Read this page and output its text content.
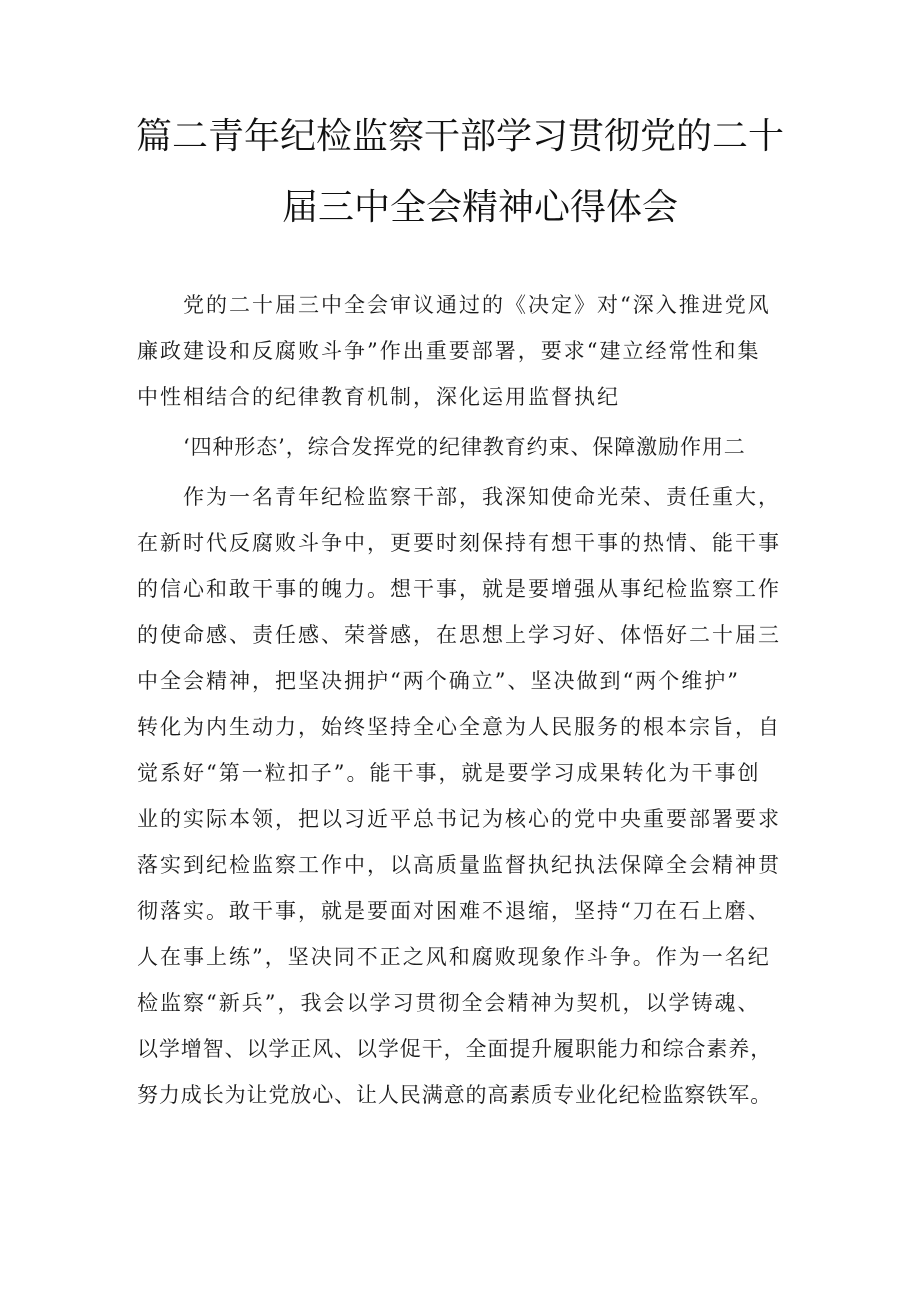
篇二青年纪检监察干部学习贯彻党的二十
届三中全会精神心得体会
党的二十届三中全会审议通过的《决定》对“深入推进党风
廉政建设和反腐败斗争”作出重要部署，要求“建立经常性和集
中性相结合的纪律教育机制，深化运用监督执纪
‘四种形态’，综合发挥党的纪律教育约束、保障激励作用二
作为一名青年纪检监察干部，我深知使命光荣、责任重大，
在新时代反腐败斗争中，更要时刻保持有想干事的热情、能干事
的信心和敢干事的魄力。想干事，就是要增强从事纪检监察工作
的使命感、责任感、荣誉感，在思想上学习好、体悟好二十届三
中全会精神，把坚决拥护“两个确立”、坚决做到“两个维护”
转化为内生动力，始终坚持全心全意为人民服务的根本宗旨，自
觉系好“第一粒扣子”。能干事，就是要学习成果转化为干事创
业的实际本领，把以习近平总书记为核心的党中央重要部署要求
落实到纪检监察工作中，以高质量监督执纪执法保障全会精神贯
彻落实。敢干事，就是要面对困难不退缩，坚持“刀在石上磨、
人在事上练”，坚决同不正之风和腐败现象作斗争。作为一名纪
检监察“新兵”，我会以学习贯彻全会精神为契机，以学铸魂、
以学增智、以学正风、以学促干，全面提升履职能力和综合素养，
努力成长为让党放心、让人民满意的高素质专业化纪检监察铁军。
